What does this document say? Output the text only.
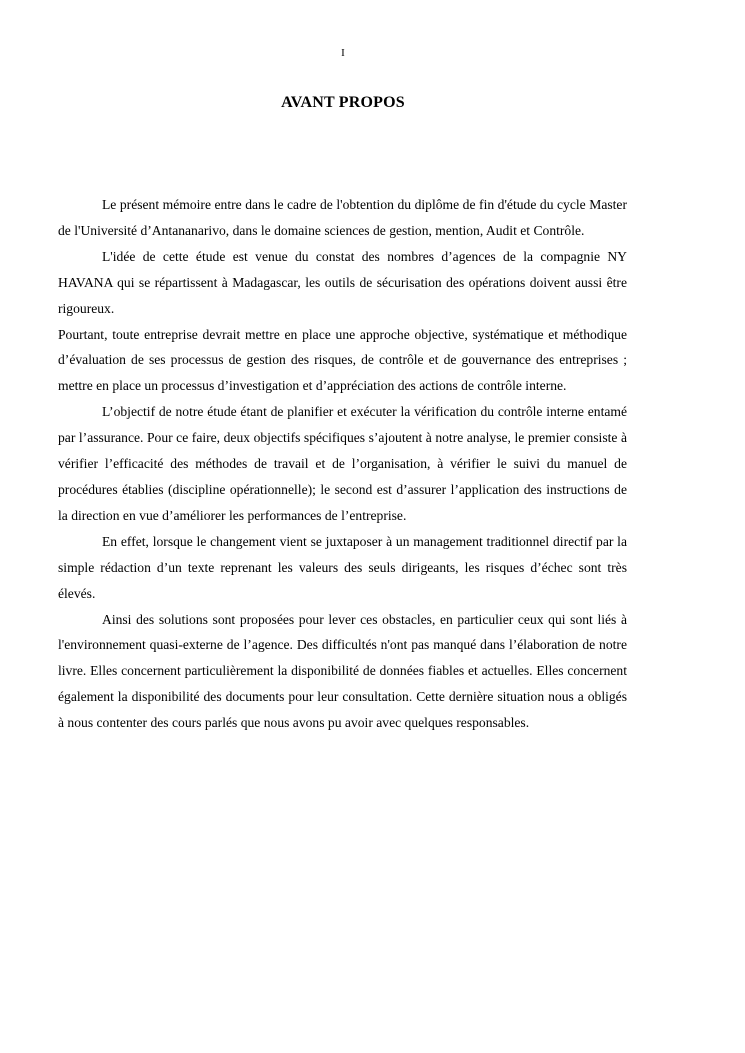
I
AVANT PROPOS

Le présent mémoire entre dans le cadre de l'obtention du diplôme de fin d'étude du cycle Master de l'Université d’Antananarivo, dans le domaine sciences de gestion, mention, Audit et Contrôle.

L'idée de cette étude est venue du constat des nombres d’agences de la compagnie NY HAVANA qui se répartissent à Madagascar, les outils de sécurisation des opérations doivent aussi être rigoureux.

Pourtant, toute entreprise devrait mettre en place une approche objective, systématique et méthodique d’évaluation de ses processus de gestion des risques, de contrôle et de gouvernance des entreprises ; mettre en place un processus d’investigation et d’appréciation des actions de contrôle interne.

L’objectif de notre étude étant de planifier et exécuter la vérification du contrôle interne entamé par l’assurance. Pour ce faire, deux objectifs spécifiques s’ajoutent à notre analyse, le premier consiste à vérifier l’efficacité des méthodes de travail et de l’organisation, à vérifier le suivi du manuel de procédures établies (discipline opérationnelle); le second est d’assurer l’application des instructions de la direction en vue d’améliorer les performances de l’entreprise.

En effet, lorsque le changement vient se juxtaposer à un management traditionnel directif par la simple rédaction d’un texte reprenant les valeurs des seuls dirigeants, les risques d’échec sont très élevés.

Ainsi des solutions sont proposées pour lever ces obstacles, en particulier ceux qui sont liés à l'environnement quasi-externe de l’agence. Des difficultés n'ont pas manqué dans l’élaboration de notre livre. Elles concernent particulièrement la disponibilité de données fiables et actuelles. Elles concernent également la disponibilité des documents pour leur consultation. Cette dernière situation nous a obligés à nous contenter des cours parlés que nous avons pu avoir avec quelques responsables.
